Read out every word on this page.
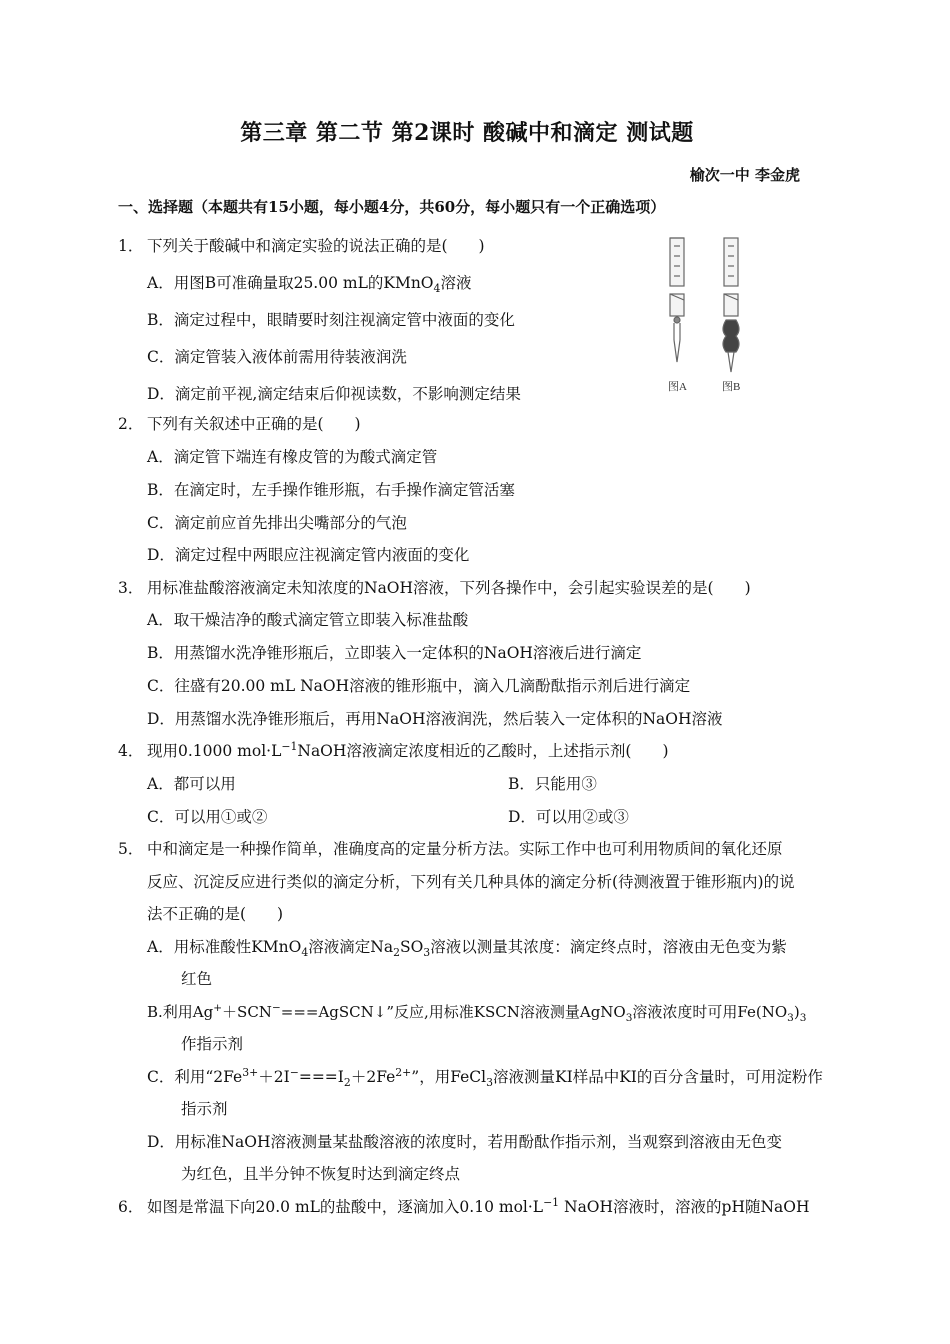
第三章 第二节 第2课时 酸碱中和滴定 测试题
榆次一中 李金虎
一、选择题（本题共有15小题，每小题4分，共60分，每小题只有一个正确选项）
图A	图B
1． 下列关于酸碱中和滴定实验的说法正确的是(　　)
A．用图B可准确量取25.00 mL的KMnO$_4$溶液
B．滴定过程中，眼睛要时刻注视滴定管中液面的变化
C．滴定管装入液体前需用待装液润洗
D．滴定前平视,滴定结束后仰视读数，不影响测定结果
2． 下列有关叙述中正确的是(　　)
A．滴定管下端连有橡皮管的为酸式滴定管
B．在滴定时，左手操作锥形瓶，右手操作滴定管活塞
C．滴定前应首先排出尖嘴部分的气泡
D．滴定过程中两眼应注视滴定管内液面的变化
3． 用标准盐酸溶液滴定未知浓度的NaOH溶液，下列各操作中，会引起实验误差的是(　　)
A．取干燥洁净的酸式滴定管立即装入标准盐酸
B．用蒸馏水洗净锥形瓶后，立即装入一定体积的NaOH溶液后进行滴定
C．往盛有20.00 mL NaOH溶液的锥形瓶中，滴入几滴酚酞指示剂后进行滴定
D．用蒸馏水洗净锥形瓶后，再用NaOH溶液润洗，然后装入一定体积的NaOH溶液
4． 现用0.1000 $mol\cdot L^{-1}NaOH$溶液滴定浓度相近的乙酸时，上述指示剂(　　)
A．都可以用	B．只能用③
C．可以用①或②	D．可以用②或③
5． 中和滴定是一种操作简单，准确度高的定量分析方法。实际工作中也可利用物质间的氧化还原
反应、沉淀反应进行类似的滴定分析，下列有关几种具体的滴定分析(待测液置于锥形瓶内)的说
法不正确的是(　　)
A．用标准酸性KMnO$_4$溶液滴定$Na_2SO_3$溶液以测量其浓度：滴定终点时，溶液由无色变为紫
红色
B.利用Ag+＋SCN−===AgSCN↓”反应,用标准KSCN溶液测量AgNO$_3$溶液浓度时可用$Fe(NO_3)_3$
作指示剂
C．利用“$2Fe^{3+}+2I^-===I_2+2Fe^{2+}$”，用FeCl$_3$溶液测量KI样品中KI的百分含量时，可用淀粉作
指示剂
D．用标准NaOH溶液测量某盐酸溶液的浓度时，若用酚酞作指示剂，当观察到溶液由无色变
为红色，且半分钟不恢复时达到滴定终点
6． 如图是常温下向20.0 mL的盐酸中，逐滴加入0.10 $mol\cdot L^{-1}$ NaOH溶液时，溶液的pH随NaOH
